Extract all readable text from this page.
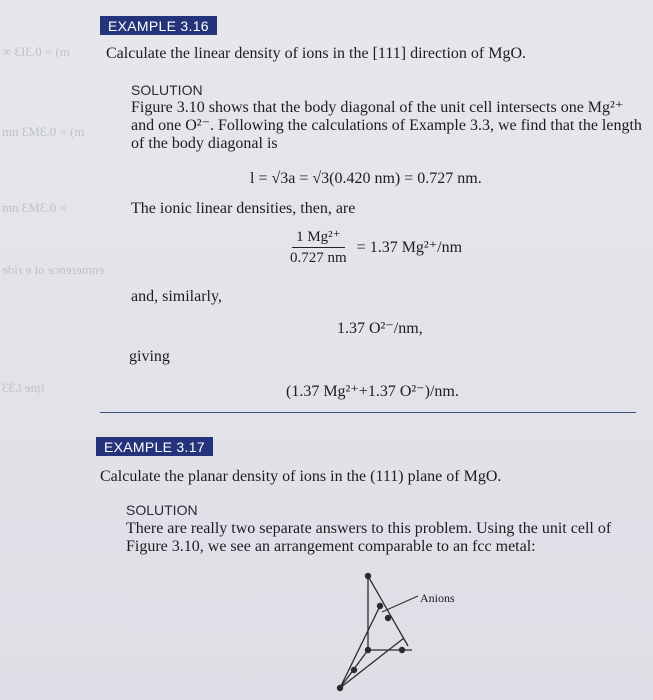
∞ ƐIƐ.0 = (m
mn ƐMƐ.0 = (m
mn ƐMƐ.0 ×
ɘbiɿ ɘ lo ɘɔnɘɿɘmnɘ
ƐƐ.Ɩ ɘnᴉʇ
EXAMPLE 3.16
Calculate the linear density of ions in the [111] direction of MgO.
SOLUTION
Figure 3.10 shows that the body diagonal of the unit cell intersects one Mg²⁺ and one O²⁻. Following the calculations of Example 3.3, we find that the length of the body diagonal is
l = √3a = √3(0.420 nm) = 0.727 nm.
The ionic linear densities, then, are
$\frac{\text{1 Mg²⁺}}{0.727 nm} = 1.37$ Mg²⁺/nm
and, similarly,
1.37 O²⁻/nm,
giving
(1.37 Mg²⁺+1.37 O²⁻)/nm.
EXAMPLE 3.17
Calculate the planar density of ions in the (111) plane of MgO.
SOLUTION
There are really two separate answers to this problem. Using the unit cell of Figure 3.10, we see an arrangement comparable to an fcc metal:
Anions
